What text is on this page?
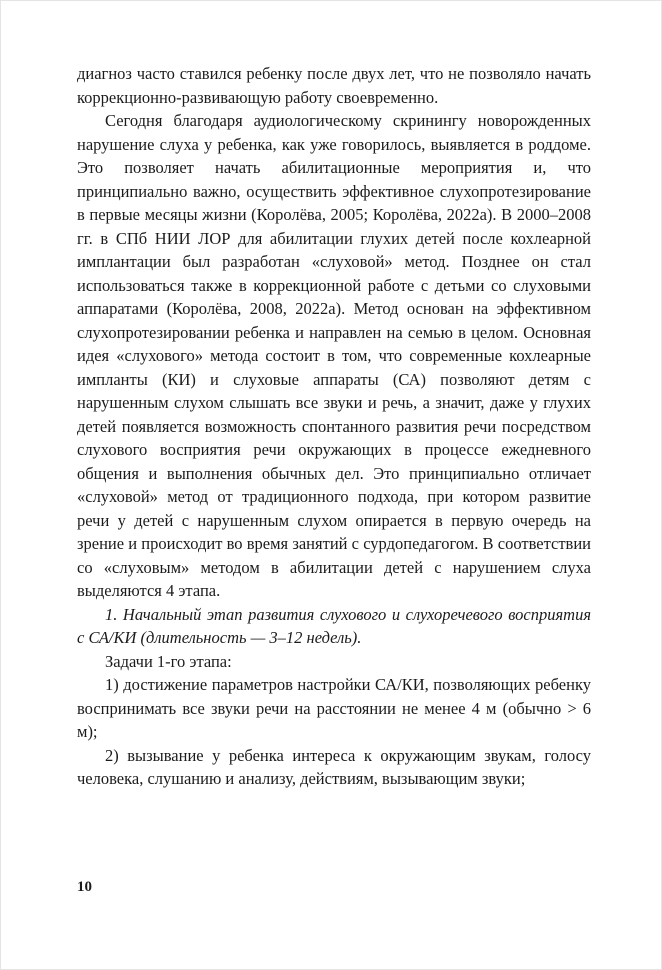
диагноз часто ставился ребенку после двух лет, что не позволяло начать коррекционно-развивающую работу своевременно.

Сегодня благодаря аудиологическому скринингу новорожденных нарушение слуха у ребенка, как уже говорилось, выявляется в роддоме. Это позволяет начать абилитационные мероприятия и, что принципиально важно, осуществить эффективное слухопротезирование в первые месяцы жизни (Королёва, 2005; Королёва, 2022а). В 2000–2008 гг. в СПб НИИ ЛОР для абилитации глухих детей после кохлеарной имплантации был разработан «слуховой» метод. Позднее он стал использоваться также в коррекционной работе с детьми со слуховыми аппаратами (Королёва, 2008, 2022а). Метод основан на эффективном слухопротезировании ребенка и направлен на семью в целом. Основная идея «слухового» метода состоит в том, что современные кохлеарные импланты (КИ) и слуховые аппараты (СА) позволяют детям с нарушенным слухом слышать все звуки и речь, а значит, даже у глухих детей появляется возможность спонтанного развития речи посредством слухового восприятия речи окружающих в процессе ежедневного общения и выполнения обычных дел. Это принципиально отличает «слуховой» метод от традиционного подхода, при котором развитие речи у детей с нарушенным слухом опирается в первую очередь на зрение и происходит во время занятий с сурдопедагогом. В соответствии со «слуховым» методом в абилитации детей с нарушением слуха выделяются 4 этапа.

1. Начальный этап развития слухового и слухоречевого восприятия с СА/КИ (длительность — 3–12 недель).

Задачи 1-го этапа:

1) достижение параметров настройки СА/КИ, позволяющих ребенку воспринимать все звуки речи на расстоянии не менее 4 м (обычно > 6 м);

2) вызывание у ребенка интереса к окружающим звукам, голосу человека, слушанию и анализу, действиям, вызывающим звуки;

10
